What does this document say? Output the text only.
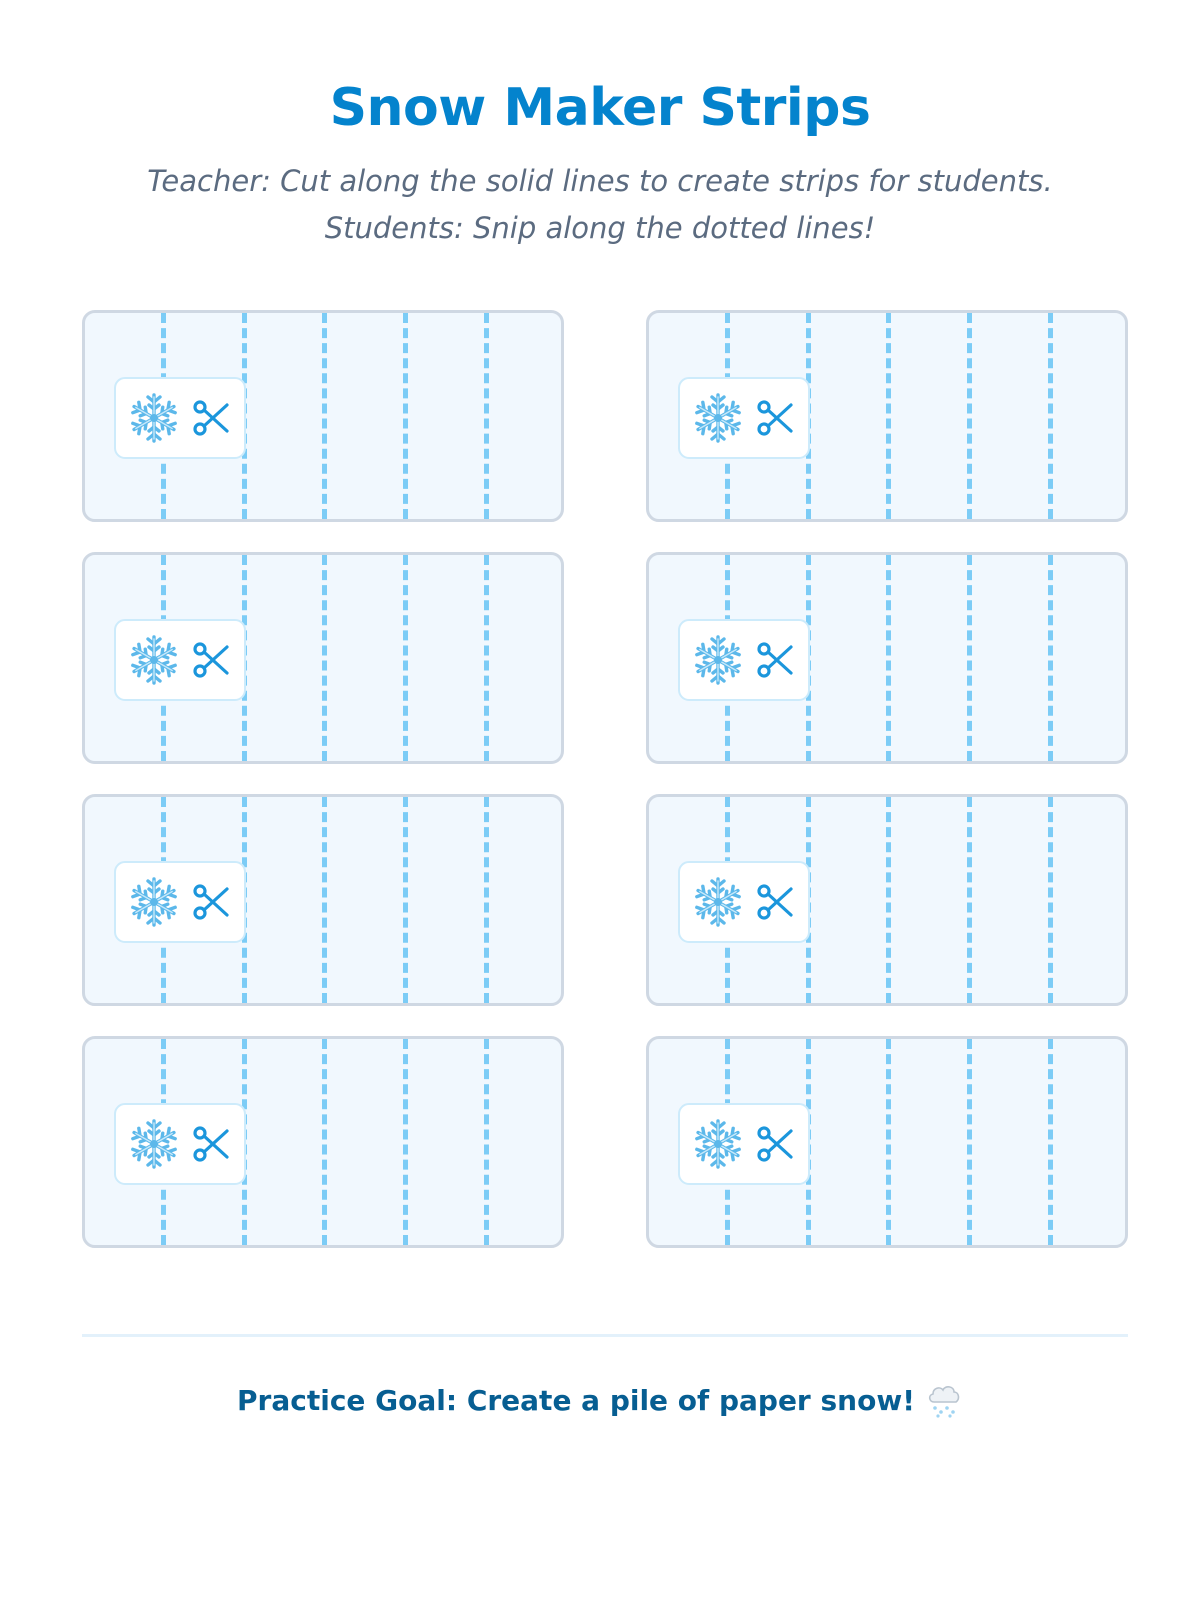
Snow Maker Strips

Teacher: Cut along the solid lines to create strips for students.

Students: Snip along the dotted lines!

Practice Goal: Create a pile of paper snow!
